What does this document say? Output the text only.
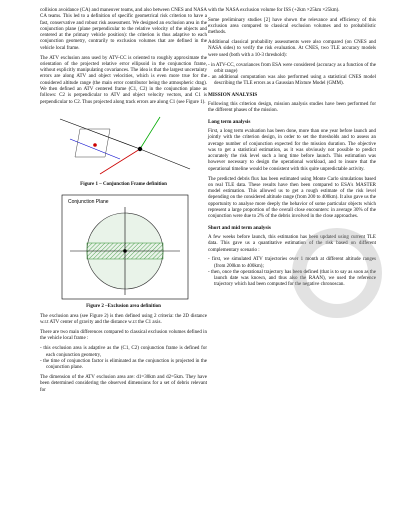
collision avoidance (CA) and maneuver teams, and also between CNES and NASA CA teams. This led to a definition of specific geometrical risk criterion to have a fast, conservative and robust risk assessment. We designed an exclusion area in the conjunction plane (plane perpendicular to the relative velocity of the objects and centered at the primary vehicle position): the criterion is thus adaptive to each conjunction geometry, contrarily to exclusion volumes that are defined in the vehicle local frame.

The ATV exclusion area used by ATV-CC is oriented to roughly approximate the orientation of the projected relative error ellipsoid in the conjunction frame, without explicitly manipulating covariances. The idea is that the largest uncertainty errors are along ATV and object velocities, which is even more true for the considered altitude range (the main error contributor being the atmospheric drag). We then defined an ATV centered frame (C1, C2) in the conjunction plane as follows: C2 is perpendicular to ATV and object velocity vectors, and C1 is perpendicular to C2. Thus projected along track errors are along C1 (see Figure 1).

Figure 1 – Conjunction Frame definition
Conjunction Plane
Figure 2 –Exclusion area definition

The exclusion area (see Figure 2) is then defined using 2 criteria: the 2D distance w.r.t ATV center of gravity and the distance w.r.t the C1 axis.

There are two main differences compared to classical exclusion volumes defined in the vehicle local frame :

- this exclusion area is adaptive as the (C1, C2) conjunction frame is defined for each conjunction geometry,
- the time of conjunction factor is eliminated as the conjunction is projected in the conjunction plane.

The dimension of the ATV exclusion area are: d1=30km and d2=5km. They have been determined considering the observed dimensions for a set of debris relevant for

with the NASA exclusion volume for ISS (+2km ×25km ×25km).

Some preliminary studies [2] have shown the relevance and efficiency of this exclusion area compared to classical exclusion volumes and to probabilistic methods.

Additional classical probability assessments were also compared (on CNES and NASA sides) to verify the risk evaluation. At CNES, two TLE accuracy models were used (both with a 10-3 threshold):

- in ATV-CC, covariances from ESA were considered (accuracy as a function of the orbit range)
- an additional computation was also performed using a statistical CNES model describing the TLE errors as a Gaussian Mixture Model (GMM).
MISSION ANALYSIS

Following this criterion design, mission analysis studies have been performed for the different phases of the mission.

Long term analysis

First, a long term evaluation has been done, more than one year before launch and jointly with the criterion design, in order to set the thresholds and to assess an average number of conjunction expected for the mission duration. The objective was to get a statistical estimation, as it was obviously not possible to predict accurately the risk level such a long time before launch. This estimation was however necessary to design the operational workload, and to insure that the operational timeline would be consistent with this quite unpredictable activity.

The predicted debris flux has been estimated using Monte Carlo simulations based on real TLE data. These results have then been compared to ESA's MASTER model estimation. This allowed us to get a rough estimate of the risk level depending on the considered altitude range (from 200 to 400km). It also gave us the opportunity to analyse more deeply the behavior of some particular objects which represent a large proportion of the overall close encounters: in average 30% of the conjunction were due to 2% of the debris involved in the close approaches.

Short and mid term analysis

A few weeks before launch, this estimation has been updated using current TLE data. This gave us a quantitative estimation of the risk based on different complementary scenario :

- first, we simulated ATV trajectories over 1 month at different altitude ranges (from 200km to 400km);
- then, once the operational trajectory has been defined (that is to say as soon as the launch date was known, and thus also the RAAN), we used the reference trajectory which had been computed for the negative chronoscan.
